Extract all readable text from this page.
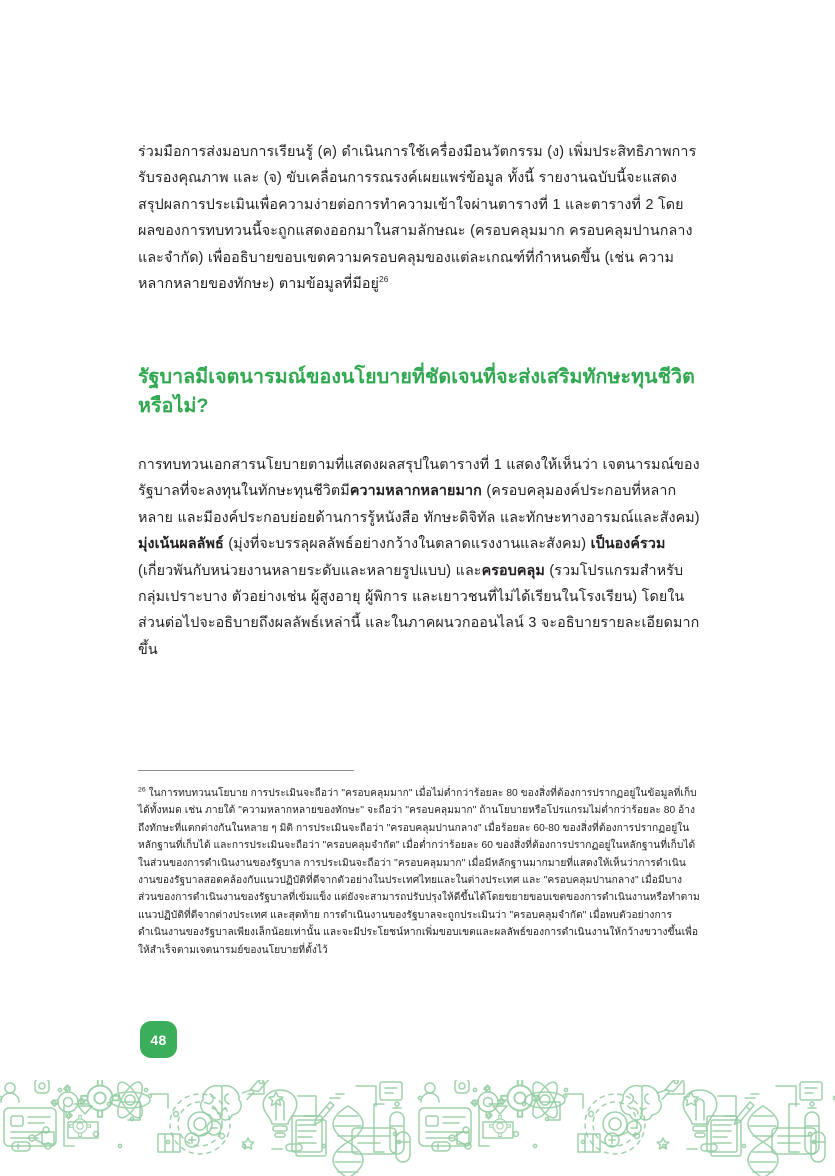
ร่วมมือการส่งมอบการเรียนรู้ (ค) ดำเนินการใช้เครื่องมือนวัตกรรม (ง) เพิ่มประสิทธิภาพการรับรองคุณภาพ และ (จ) ขับเคลื่อนการรณรงค์เผยแพร่ข้อมูล ทั้งนี้ รายงานฉบับนี้จะแสดงสรุปผลการประเมินเพื่อความง่ายต่อการทำความเข้าใจผ่านตารางที่ 1 และตารางที่ 2 โดยผลของการทบทวนนี้จะถูกแสดงออกมาในสามลักษณะ (ครอบคลุมมาก ครอบคลุมปานกลาง และจำกัด) เพื่ออธิบายขอบเขตความครอบคลุมของแต่ละเกณฑ์ที่กำหนดขึ้น (เช่น ความหลากหลายของทักษะ) ตามข้อมูลที่มีอยู่$^{26}$

รัฐบาลมีเจตนารมณ์ของนโยบายที่ชัดเจนที่จะส่งเสริมทักษะทุนชีวิตหรือไม่?

การทบทวนเอกสารนโยบายตามที่แสดงผลสรุปในตารางที่ 1 แสดงให้เห็นว่า เจตนารมณ์ของรัฐบาลที่จะลงทุนในทักษะทุนชีวิตมีความหลากหลายมาก (ครอบคลุมองค์ประกอบที่หลากหลาย และมีองค์ประกอบย่อยด้านการรู้หนังสือ ทักษะดิจิทัล และทักษะทางอารมณ์และสังคม) มุ่งเน้นผลลัพธ์ (มุ่งที่จะบรรลุผลลัพธ์อย่างกว้างในตลาดแรงงานและสังคม) เป็นองค์รวม (เกี่ยวพันกับหน่วยงานหลายระดับและหลายรูปแบบ) และครอบคลุม (รวมโปรแกรมสำหรับกลุ่มเปราะบาง ตัวอย่างเช่น ผู้สูงอายุ ผู้พิการ และเยาวชนที่ไม่ได้เรียนในโรงเรียน) โดยในส่วนต่อไปจะอธิบายถึงผลลัพธ์เหล่านี้ และในภาคผนวกออนไลน์ 3 จะอธิบายรายละเอียดมากขึ้น

$^{26}$ ในการทบทวนนโยบาย การประเมินจะถือว่า "ครอบคลุมมาก" เมื่อไม่ต่ำกว่าร้อยละ 80 ของสิ่งที่ต้องการปรากฏอยู่ในข้อมูลที่เก็บได้ทั้งหมด เช่น ภายใต้ "ความหลากหลายของทักษะ" จะถือว่า "ครอบคลุมมาก" ถ้านโยบายหรือโปรแกรมไม่ต่ำกว่าร้อยละ 80 อ้างถึงทักษะที่แตกต่างกันในหลาย ๆ มิติ การประเมินจะถือว่า "ครอบคลุมปานกลาง" เมื่อร้อยละ 60-80 ของสิ่งที่ต้องการปรากฏอยู่ในหลักฐานที่เก็บได้ และการประเมินจะถือว่า "ครอบคลุมจำกัด" เมื่อต่ำกว่าร้อยละ 60 ของสิ่งที่ต้องการปรากฏอยู่ในหลักฐานที่เก็บได้ ในส่วนของการดำเนินงานของรัฐบาล การประเมินจะถือว่า "ครอบคลุมมาก" เมื่อมีหลักฐานมากมายที่แสดงให้เห็นว่าการดำเนินงานของรัฐบาลสอดคล้องกับแนวปฏิบัติที่ดีจากตัวอย่างในประเทศไทยและในต่างประเทศ และ "ครอบคลุมปานกลาง" เมื่อมีบางส่วนของการดำเนินงานของรัฐบาลที่เข้มแข็ง แต่ยังจะสามารถปรับปรุงให้ดีขึ้นได้โดยขยายขอบเขตของการดำเนินงานหรือทำตามแนวปฏิบัติที่ดีจากต่างประเทศ และสุดท้าย การดำเนินงานของรัฐบาลจะถูกประเมินว่า "ครอบคลุมจำกัด" เมื่อพบตัวอย่างการดำเนินงานของรัฐบาลเพียงเล็กน้อยเท่านั้น และจะมีประโยชน์หากเพิ่มขอบเขตและผลลัพธ์ของการดำเนินงานให้กว้างขวางขึ้นเพื่อให้สำเร็จตามเจตนารมย์ของนโยบายที่ตั้งไว้

48
